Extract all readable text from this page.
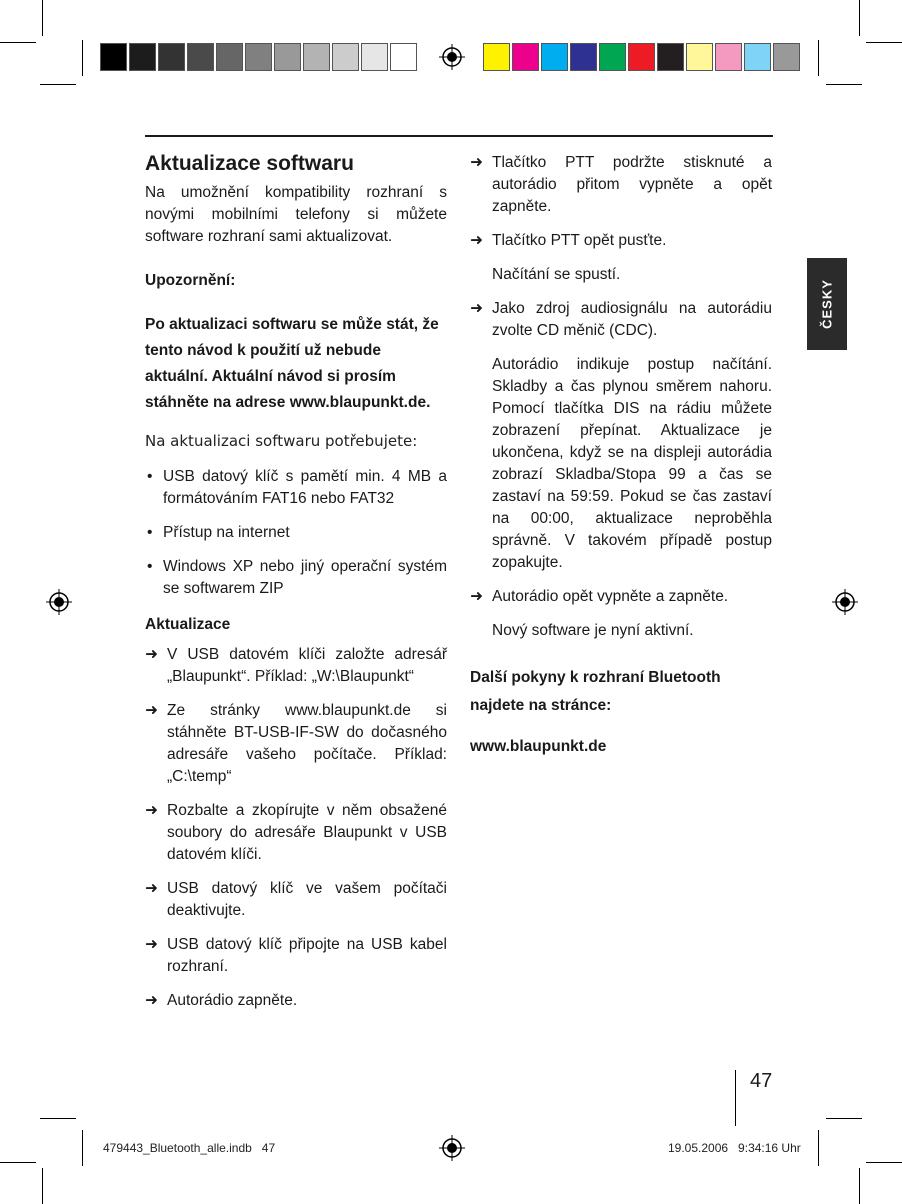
ČESKY
Aktualizace softwaru

Na umožnění kompatibility rozhraní s novými mobilními telefony si můžete software rozhraní sami aktualizovat.

Upozornění:

Po aktualizaci softwaru se může stát, že tento návod k použití už nebude aktuální. Aktuální návod si prosím stáhněte na adrese www.blaupunkt.de.

Na aktualizaci softwaru potřebujete:

• USB datový klíč s pamětí min. 4 MB a formátováním FAT16 nebo FAT32
• Přístup na internet
• Windows XP nebo jiný operační systém se softwarem ZIP

Aktualizace

➜ V USB datovém klíči založte adresář „Blaupunkt“. Příklad: „W:\Blaupunkt“
➜ Ze stránky www.blaupunkt.de si stáhněte BT-USB-IF-SW do dočasného adresáře vašeho počítače. Příklad: „C:\temp“
➜ Rozbalte a zkopírujte v něm obsažené soubory do adresáře Blaupunkt v USB datovém klíči.
➜ USB datový klíč ve vašem počítači deaktivujte.
➜ USB datový klíč připojte na USB kabel rozhraní.
➜ Autorádio zapněte.
➜ Tlačítko PTT podržte stisknuté a autorádio přitom vypněte a opět zapněte.
➜ Tlačítko PTT opět pusťte.

Načítání se spustí.

➜ Jako zdroj audiosignálu na autorádiu zvolte CD měnič (CDC).

Autorádio indikuje postup načítání. Skladby a čas plynou směrem nahoru. Pomocí tlačítka DIS na rádiu můžete zobrazení přepínat. Aktualizace je ukončena, když se na displeji autorádia zobrazí Skladba/Stopa 99 a čas se zastaví na 59:59. Pokud se čas zastaví na 00:00, aktualizace neproběhla správně. V takovém případě postup zopakujte.

➜ Autorádio opět vypněte a zapněte.

Nový software je nyní aktivní.

Další pokyny k rozhraní Bluetooth najdete na stránce:

www.blaupunkt.de

47
479443_Bluetooth_alle.indb   47	19.05.2006   9:34:16 Uhr
